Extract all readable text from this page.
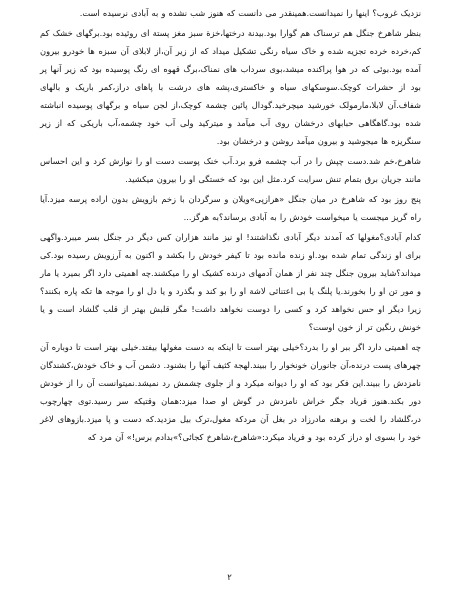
نزدیک غروب؟ اینها را نمیدانست.همینقدر می دانست که هنوز شب نشده و به آبادی نرسیده است.

بنظر شاهرخ جنگل هم ترسناک هم گوارا بود.بیدنة درختها،خزة سبز مغز پستة ای روئیده بود.برگهای خشک کم کم،خرده خرده تجزیه شده و خاک سیاه رنگی تشکیل میداد که از زیر آن،از لابلای آن سبزه ها خودرو بیرون آمده بود.بوئی که در هوا پراکنده میشد،بوی سرداب های نمناک،برگ قهوه ای رنگ پوسیده بود که زیر آنها پر بود از حشرات کوچک.سوسکهای سیاه و خاکستری،پشه های درشت با پاهای دراز،کمر باریک و بالهای شفاف.آن لابلا،مارمولک خورشید میچرخید.گودال پائین چشمة کوچک،از لجن سیاه و برگهای پوسیده انباشته شده بود.گاهگاهی حبابهای درخشان روی آب میآمد و میترکید ولی آب خود چشمه،آب باریکی که از زیر سنگریزه ها میجوشید و بیرون میآمد روشن و درخشان بود.

شاهرخ،خم شد.دست چپش را در آب چشمه فرو برد.آب خنک پوست دست او را نوازش کرد و این احساس مانند جریان برق بتمام تنش سرایت کرد.مثل این بود که خستگی او را بیرون میکشید.

پنج روز بود که شاهرخ در میان جنگل «هرازپی»ویلان و سرگردان با زخم بازویش بدون اراده پرسه میزد.آیا راه گریز میجست یا میخواست خودش را به آبادی برساند؟به هرگز...

کدام آبادی؟مغولها که آمدند دیگر آبادی نگذاشتند! او نیز مانند هزاران کس دیگر در جنگل بسر میبرد.واگهی برای او زندگی تمام شده بود.او زنده مانده بود تا کیفر خودش را بکشد و اکنون به آرزویش رسیده بود.کی میداند؟شاید بیرون جنگل چند نفر از همان آدمهای درنده کشیک او را میکشند.چه اهمیتی دارد اگر بمیرد یا مار و مور تن او را بخورند.یا پلنگ یا بی اعتنائی لاشة او را بو کند و بگذرد و یا دل او را موجه ها تکه پاره بکنند؟زیرا دیگر او حس نخواهد کرد و کسی را دوست نخواهد داشت! مگر قلبش بهتر از قلب گلشاد است و یا خونش رنگین تر از خون اوست؟

چه اهمیتی دارد اگر ببر او را بدرد؟خیلی بهتر است تا اینکه به دست مغولها بیفتد.خیلی بهتر است تا دوباره آن چهرهای پست درنده،آن جانوران خونخوار را ببیند.لهجة کثیف آنها را بشنود. دشمن آب و خاک خودش،کشندگان نامزدش را ببیند.این فکر بود که او را دیوانه میکرد و از جلوی چشمش رد نمیشد.نمیتوانست آن را از خودش دور بکند.هنوز فریاد جگر خراش نامزدش در گوش او صدا میزد:همان وقتیکه سر رسید.توی چهارچوب در،گلشاد را لخت و برهنه مادرزاد در بغل آن مردکة مغول،ترک بیل مزدید.که دست و پا میزد.بازوهای لاغر خود را بسوی او دراز کرده بود و فریاد میکرد:«شاهرخ،شاهرخ کجائی؟»بدادم برس!» آن مرد که

۲
